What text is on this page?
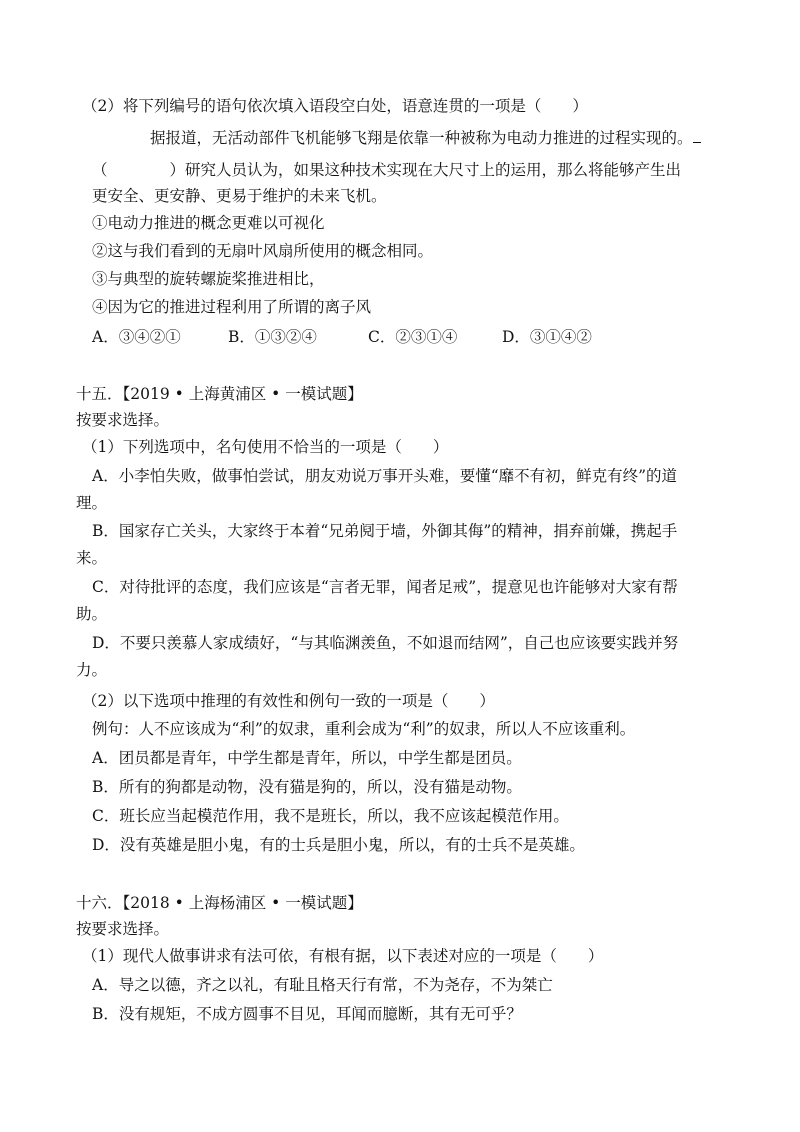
（2）将下列编号的语句依次填入语段空白处，语意连贯的一项是（　　）
据报道，无活动部件飞机能够飞翔是依靠一种被称为电动力推进的过程实现的。
（　　　　）研究人员认为，如果这种技术实现在大尺寸上的运用，那么将能够产生出
更安全、更安静、更易于维护的未来飞机。
①电动力推进的概念更难以可视化
②这与我们看到的无扇叶风扇所使用的概念相同。
③与典型的旋转螺旋桨推进相比，
④因为它的推进过程利用了所谓的离子风
A．③④②①	B．①③②④	C．②③①④	D．③①④②
十五．【2019 • 上海黄浦区 • 一模试题】
按要求选择。
（1）下列选项中，名句使用不恰当的一项是（　　）
A．小李怕失败，做事怕尝试，朋友劝说万事开头难，要懂“靡不有初，鲜克有终”的道
理。
B．国家存亡关头，大家终于本着“兄弟阋于墙，外御其侮”的精神，捐弃前嫌，携起手
来。
C．对待批评的态度，我们应该是“言者无罪，闻者足戒”，提意见也许能够对大家有帮
助。
D．不要只羡慕人家成绩好，“与其临渊羡鱼，不如退而结网”，自己也应该要实践并努
力。
（2）以下选项中推理的有效性和例句一致的一项是（　　）
例句：人不应该成为“利”的奴隶，重利会成为“利”的奴隶，所以人不应该重利。
A．团员都是青年，中学生都是青年，所以，中学生都是团员。
B．所有的狗都是动物，没有猫是狗的，所以，没有猫是动物。
C．班长应当起模范作用，我不是班长，所以，我不应该起模范作用。
D．没有英雄是胆小鬼，有的士兵是胆小鬼，所以，有的士兵不是英雄。
十六．【2018 • 上海杨浦区 • 一模试题】
按要求选择。
（1）现代人做事讲求有法可依，有根有据，以下表述对应的一项是（　　）
A．导之以德，齐之以礼，有耻且格天行有常，不为尧存，不为桀亡
B．没有规矩，不成方圆事不目见，耳闻而臆断，其有无可乎？
